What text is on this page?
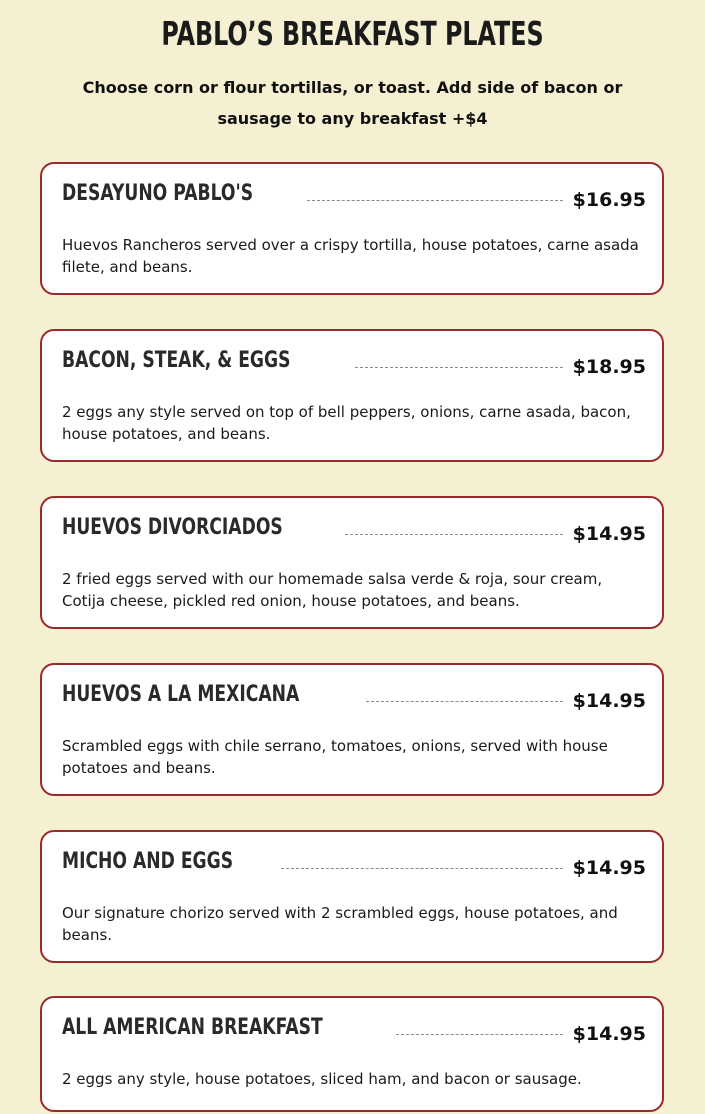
PABLO’S BREAKFAST PLATES
Choose corn or flour tortillas, or toast. Add side of bacon or sausage to any breakfast +$4
DESAYUNO PABLO'S	$16.95
Huevos Rancheros served over a crispy tortilla, house potatoes, carne asada filete, and beans.
BACON, STEAK, & EGGS	$18.95
2 eggs any style served on top of bell peppers, onions, carne asada, bacon, house potatoes, and beans.
HUEVOS DIVORCIADOS	$14.95
2 fried eggs served with our homemade salsa verde & roja, sour cream, Cotija cheese, pickled red onion, house potatoes, and beans.
HUEVOS A LA MEXICANA	$14.95
Scrambled eggs with chile serrano, tomatoes, onions, served with house potatoes and beans.
MICHO AND EGGS	$14.95
Our signature chorizo served with 2 scrambled eggs, house potatoes, and beans.
ALL AMERICAN BREAKFAST	$14.95
2 eggs any style, house potatoes, sliced ham, and bacon or sausage.
